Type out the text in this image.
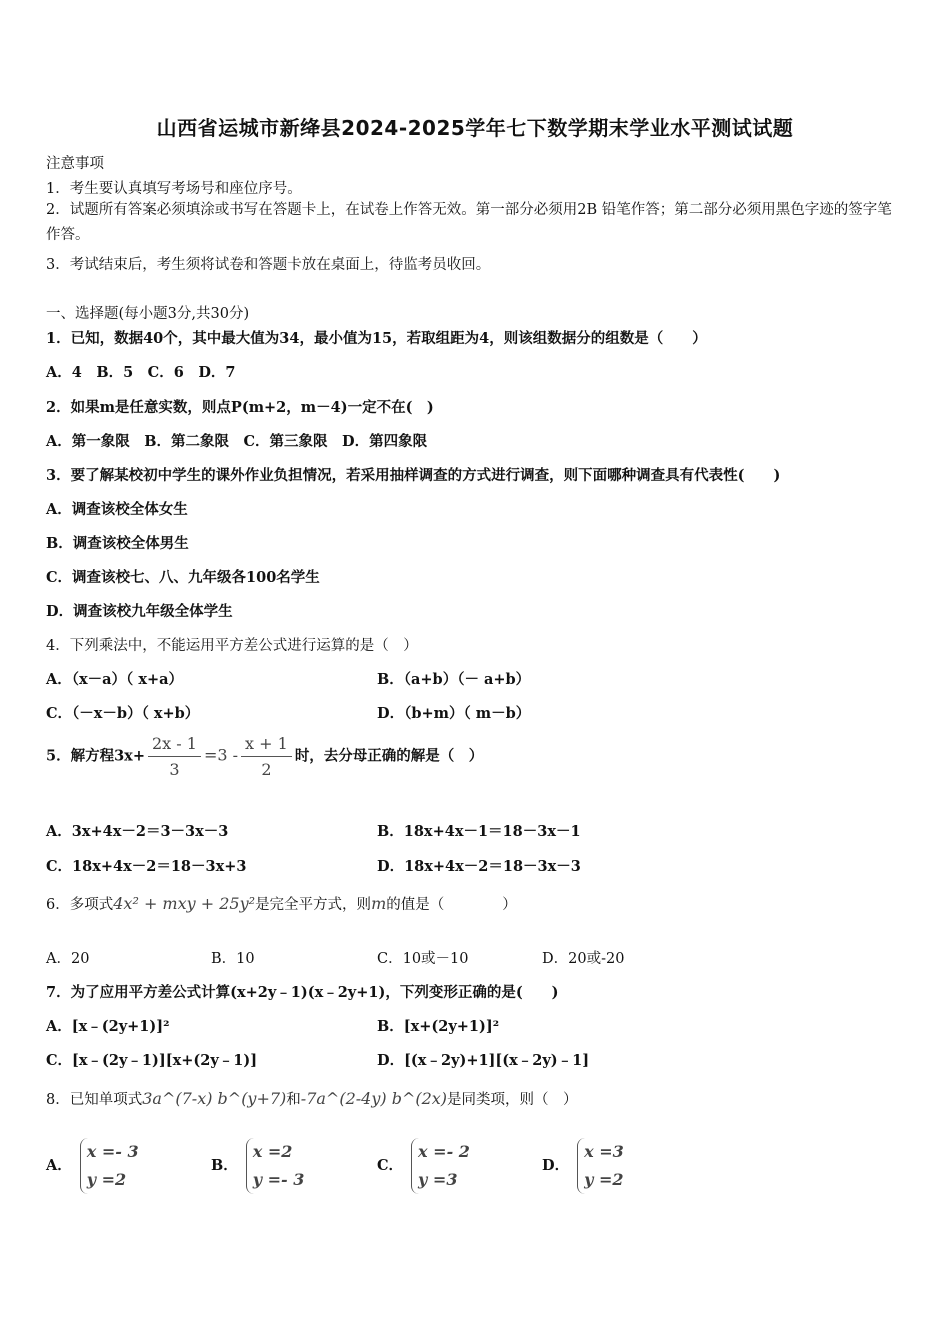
山西省运城市新绛县2024-2025学年七下数学期末学业水平测试试题
注意事项
1．考生要认真填写考场号和座位序号。
2．试题所有答案必须填涂或书写在答题卡上，在试卷上作答无效。第一部分必须用2B 铅笔作答；第二部分必须用黑色字迹的签字笔作答。
3．考试结束后，考生须将试卷和答题卡放在桌面上，待监考员收回。
一、选择题(每小题3分,共30分)
1．已知，数据40个，其中最大值为34，最小值为15，若取组距为4，则该组数据分的组数是（　　）
A．4　B．5　C．6　D．7
2．如果m是任意实数，则点P(m+2，m－4)一定不在(　)
A．第一象限　B．第二象限　C．第三象限　D．第四象限
3．要了解某校初中学生的课外作业负担情况，若采用抽样调查的方式进行调查，则下面哪种调查具有代表性(　　)
A．调查该校全体女生
B．调查该校全体男生
C．调查该校七、八、九年级各100名学生
D．调查该校九年级全体学生
4．下列乘法中，不能运用平方差公式进行运算的是（　）
A．（x－a）（ x+a）	B．（a+b）（－ a+b）
C．（－x－b）（ x+b）	D．（b+m）（ m－b）
5．解方程$3x+ \frac{2x - 1}{3} =3 - \frac{x + 1}{2}$ 时，去分母正确的解是（　）
A．3x+4x－2＝3－3x－3	B．18x+4x－1＝18－3x－1
C．18x+4x－2＝18－3x+3	D．18x+4x－2＝18－3x－3
6．多项式4x² + mxy + 25y²是完全平方式，则m的值是（　　　　）
A．20	B．10	C．10或－10	D．20或-20
7．为了应用平方差公式计算(x+2y﹣1)(x﹣2y+1)，下列变形正确的是(　　)
A．[x﹣(2y+1)]²	B．[x+(2y+1)]²
C．[x﹣(2y﹣1)][x+(2y﹣1)]	D．[(x﹣2y)+1][(x﹣2y)﹣1]
8．已知单项式3a^(7-x) b^(y+7)和-7a^(2-4y) b^(2x)是同类项，则（　）
A．
x =- 3
y =2
B．
x =2
y =- 3
C．
x =- 2
y =3
D．
x =3
y =2
